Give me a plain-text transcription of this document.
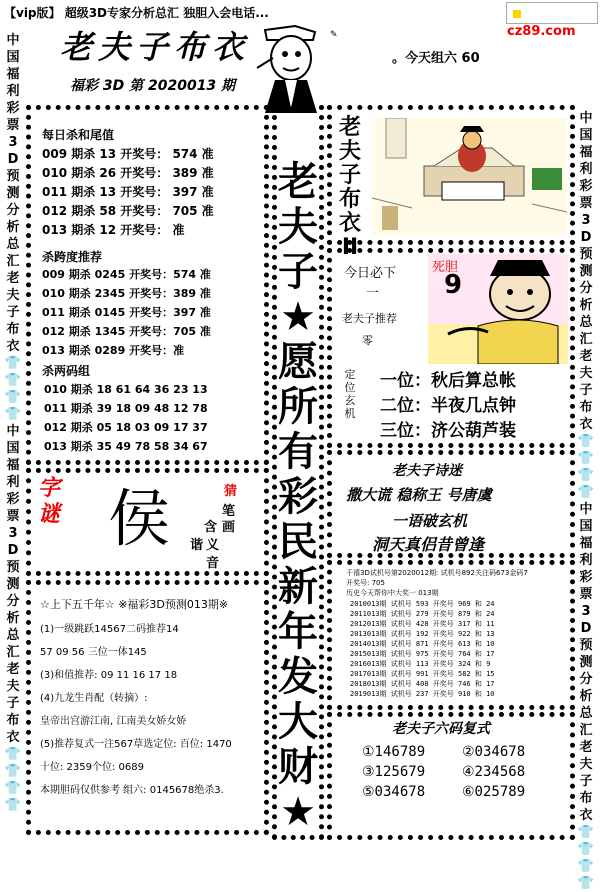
【vip版】 超级3D专家分析总汇 独胆入会电话...
$^{cz89.com}$
老夫子布衣
福彩 3D 第 2020013 期
✎
。今天组六 60
中
国
福
利
彩
票
3
D
预
测
分
析
总
汇
老
夫
子
布
衣
👕
👕
👕
👕
中
国
福
利
彩
票
3
D
预
测
分
析
总
汇
老
夫
子
布
衣
👕
👕
👕
👕
中
国
福
利
彩
票
3
D
预
测
分
析
总
汇
老
夫
子
布
衣
👕
👕
👕
👕
中
国
福
利
彩
票
3
D
预
测
分
析
总
汇
老
夫
子
布
衣
👕
👕
👕
👕
每日杀和尾值
009 期杀 13 开奖号： 574 准
010 期杀 26 开奖号： 389 准
011 期杀 13 开奖号： 397 准
012 期杀 58 开奖号： 705 准
013 期杀 12 开奖号： 准
杀跨度推荐
009 期杀 0245 开奖号：574 准
010 期杀 2345 开奖号：389 准
011 期杀 0145 开奖号：397 准
012 期杀 1345 开奖号：705 准
013 期杀 0289 开奖号：准
杀两码组
010 期杀 18 61 64 36 23 13
011 期杀 39 18 09 48 12 78
012 期杀 05 18 03 09 17 37
013 期杀 35 49 78 58 34 67
字谜 侯	猜
笔
画
含
谐 义
音
☆上下五千年☆ ※福彩3D预测013期※
(1)一级跳跃14567二码推荐14
57 09 56 三位一体145
(3)和值推荐: 09 11 16 17 18
(4)九龙生肖配（转摘）:
皇帝出宫游江南, 江南美女娇女娇
(5)推荐复式一注567草选定位: 百位: 1470
十位: 2359个位: 0689
本期胆码仅供参考 组六: 0145678绝杀3.
老
夫
子
★
愿
所
有
彩
民
新
年
发
大
财
★
老夫子布衣II
今日必下
一
老夫子推荐
零
死胆
9
定位玄机
一位：秋后算总帐
二位：半夜几点钟
三位：济公葫芦装
老夫子诗迷
撒大谎 稳称王 号唐虞
一语破玄机
洞天真侣昔曾逢
千禧3D试机号第2020012期: 试机号892关注码673金码7
开奖号: 705
历史今天帮你中大奖一 013期
2010013期 试机号 593 开奖号 969 和 24
2011013期 试机号 279 开奖号 879 和 24
2012013期 试机号 428 开奖号 317 和 11
2013013期 试机号 192 开奖号 922 和 13
2014013期 试机号 871 开奖号 613 和 10
2015013期 试机号 975 开奖号 764 和 17
2016013期 试机号 113 开奖号 324 和 9
2017013期 试机号 991 开奖号 582 和 15
2018013期 试机号 408 开奖号 746 和 17
2019013期 试机号 237 开奖号 910 和 10
老夫子六码复式
①146789	②034678
③125679	④234568
⑤034678	⑥025789
